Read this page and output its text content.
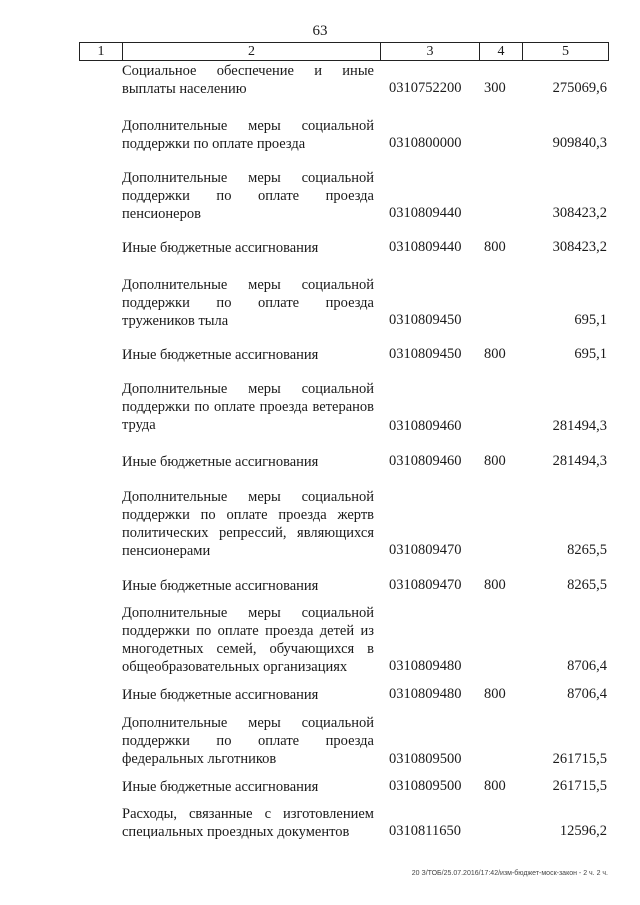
63
1	2	3	4	5
Социальное обеспечение и иные выплаты населению	0310752200 300	275069,6
Дополнительные меры социальной поддержки по оплате проезда	0310800000	909840,3
Дополнительные меры социальной поддержки по оплате проезда пенсионеров	0310809440	308423,2
Иные бюджетные ассигнования	0310809440 800	308423,2
Дополнительные меры социальной поддержки по оплате проезда тружеников тыла	0310809450	695,1
Иные бюджетные ассигнования	0310809450 800	695,1
Дополнительные меры социальной поддержки по оплате проезда ветеранов труда	0310809460	281494,3
Иные бюджетные ассигнования	0310809460 800	281494,3
Дополнительные меры социальной поддержки по оплате проезда жертв политических репрессий, являющихся пенсионерами	0310809470	8265,5
Иные бюджетные ассигнования	0310809470 800	8265,5
Дополнительные меры социальной поддержки по оплате проезда детей из многодетных семей, обучающихся в общеобразовательных организациях	0310809480	8706,4
Иные бюджетные ассигнования	0310809480 800	8706,4
Дополнительные меры социальной поддержки по оплате проезда федеральных льготников	0310809500	261715,5
Иные бюджетные ассигнования	0310809500 800	261715,5
Расходы, связанные с изготовлением специальных проездных документов	0310811650	12596,2
20 З/ТОБ/25.07.2016/17:42/изм-бюджет-моск-закон - 2 ч. 2 ч.
